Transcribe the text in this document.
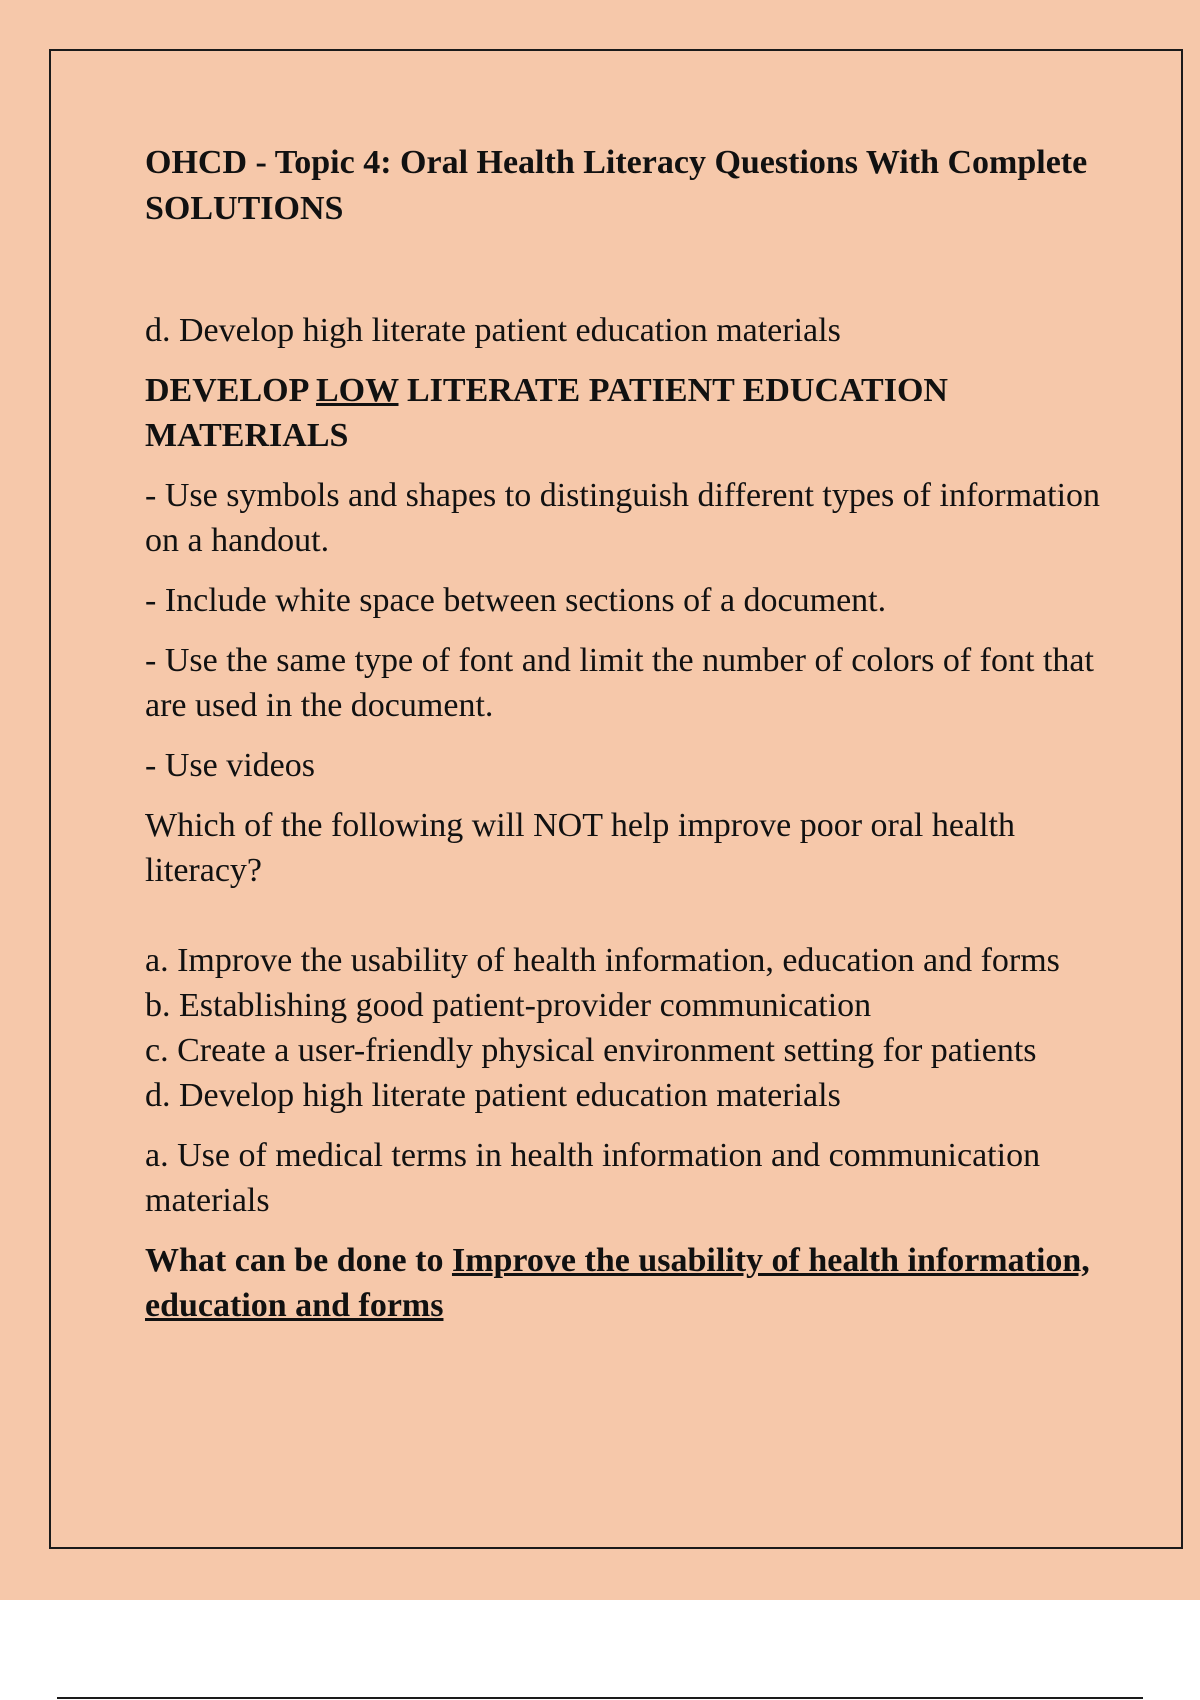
OHCD - Topic 4: Oral Health Literacy Questions With Complete SOLUTIONS

d. Develop high literate patient education materials

DEVELOP LOW LITERATE PATIENT EDUCATION MATERIALS

- Use symbols and shapes to distinguish different types of information on a handout.

- Include white space between sections of a document.

- Use the same type of font and limit the number of colors of font that are used in the document.

- Use videos

Which of the following will NOT help improve poor oral health literacy?

a. Improve the usability of health information, education and forms

b. Establishing good patient-provider communication

c. Create a user-friendly physical environment setting for patients

d. Develop high literate patient education materials

a. Use of medical terms in health information and communication materials

What can be done to Improve the usability of health information, education and forms
